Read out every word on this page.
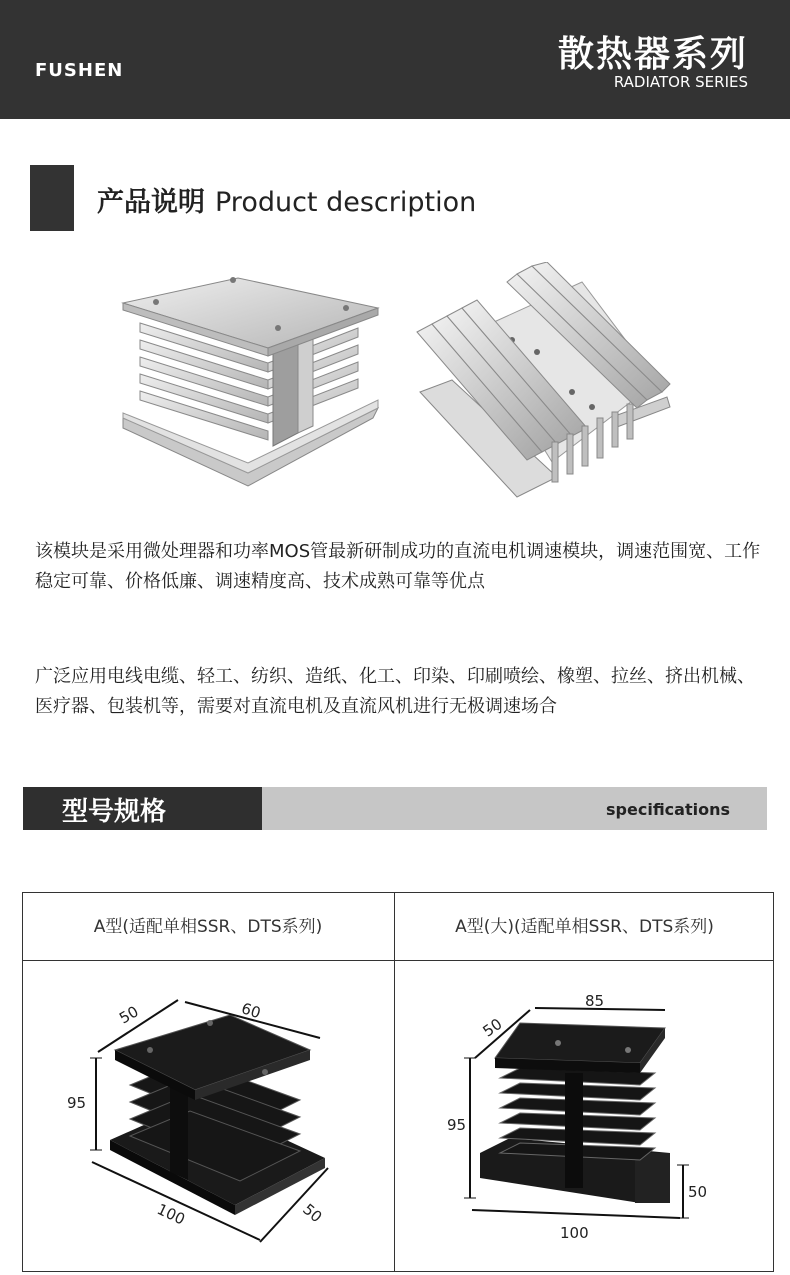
FUSHEN	散热器系列
RADIATOR SERIES
产品说明 Product description
该模块是采用微处理器和功率MOS管最新研制成功的直流电机调速模块，调速范围宽、工作稳定可靠、价格低廉、调速精度高、技术成熟可靠等优点
广泛应用电线电缆、轻工、纺织、造纸、化工、印染、印刷喷绘、橡塑、拉丝、挤出机械、医疗器、包装机等，需要对直流电机及直流风机进行无极调速场合
型号规格	specifications
A型(适配单相SSR、DTS系列)	A型(大)(适配单相SSR、DTS系列)
50	60
95
100	50
50
85
95
100
50
